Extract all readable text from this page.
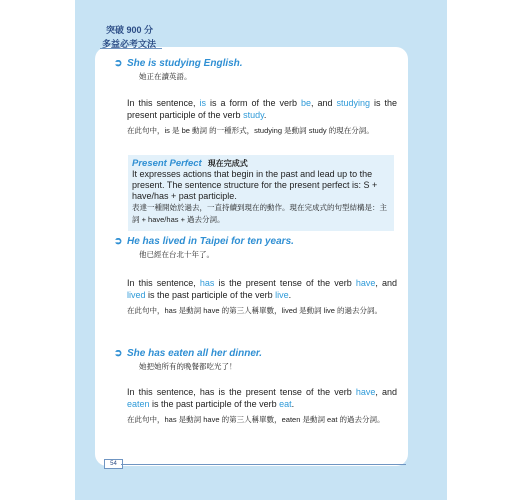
突破 900 分
多益必考文法
➲ She is studying English.
她正在讀英語。
In this sentence, is is a form of the verb be, and studying is the present participle of the verb study.
在此句中，is 是 be 動詞 的一種形式，studying 是動詞 study 的現在分詞。
Present Perfect 現在完成式
It expresses actions that begin in the past and lead up to the present. The sentence structure for the present perfect is: S + have/has + past participle.
表達一種開始於過去，一直持續到現在的動作。現在完成式的句型結構是：主詞 + have/has + 過去分詞。
➲ He has lived in Taipei for ten years.
他已經在台北十年了。
In this sentence, has is the present tense of the verb have, and lived is the past participle of the verb live.
在此句中，has 是動詞 have 的第三人稱單數，lived 是動詞 live 的過去分詞。
➲ She has eaten all her dinner.
她把她所有的晚餐都吃光了！
In this sentence, has is the present tense of the verb have, and eaten is the past participle of the verb eat.
在此句中，has 是動詞 have 的第三人稱單數，eaten 是動詞 eat 的過去分詞。
54
